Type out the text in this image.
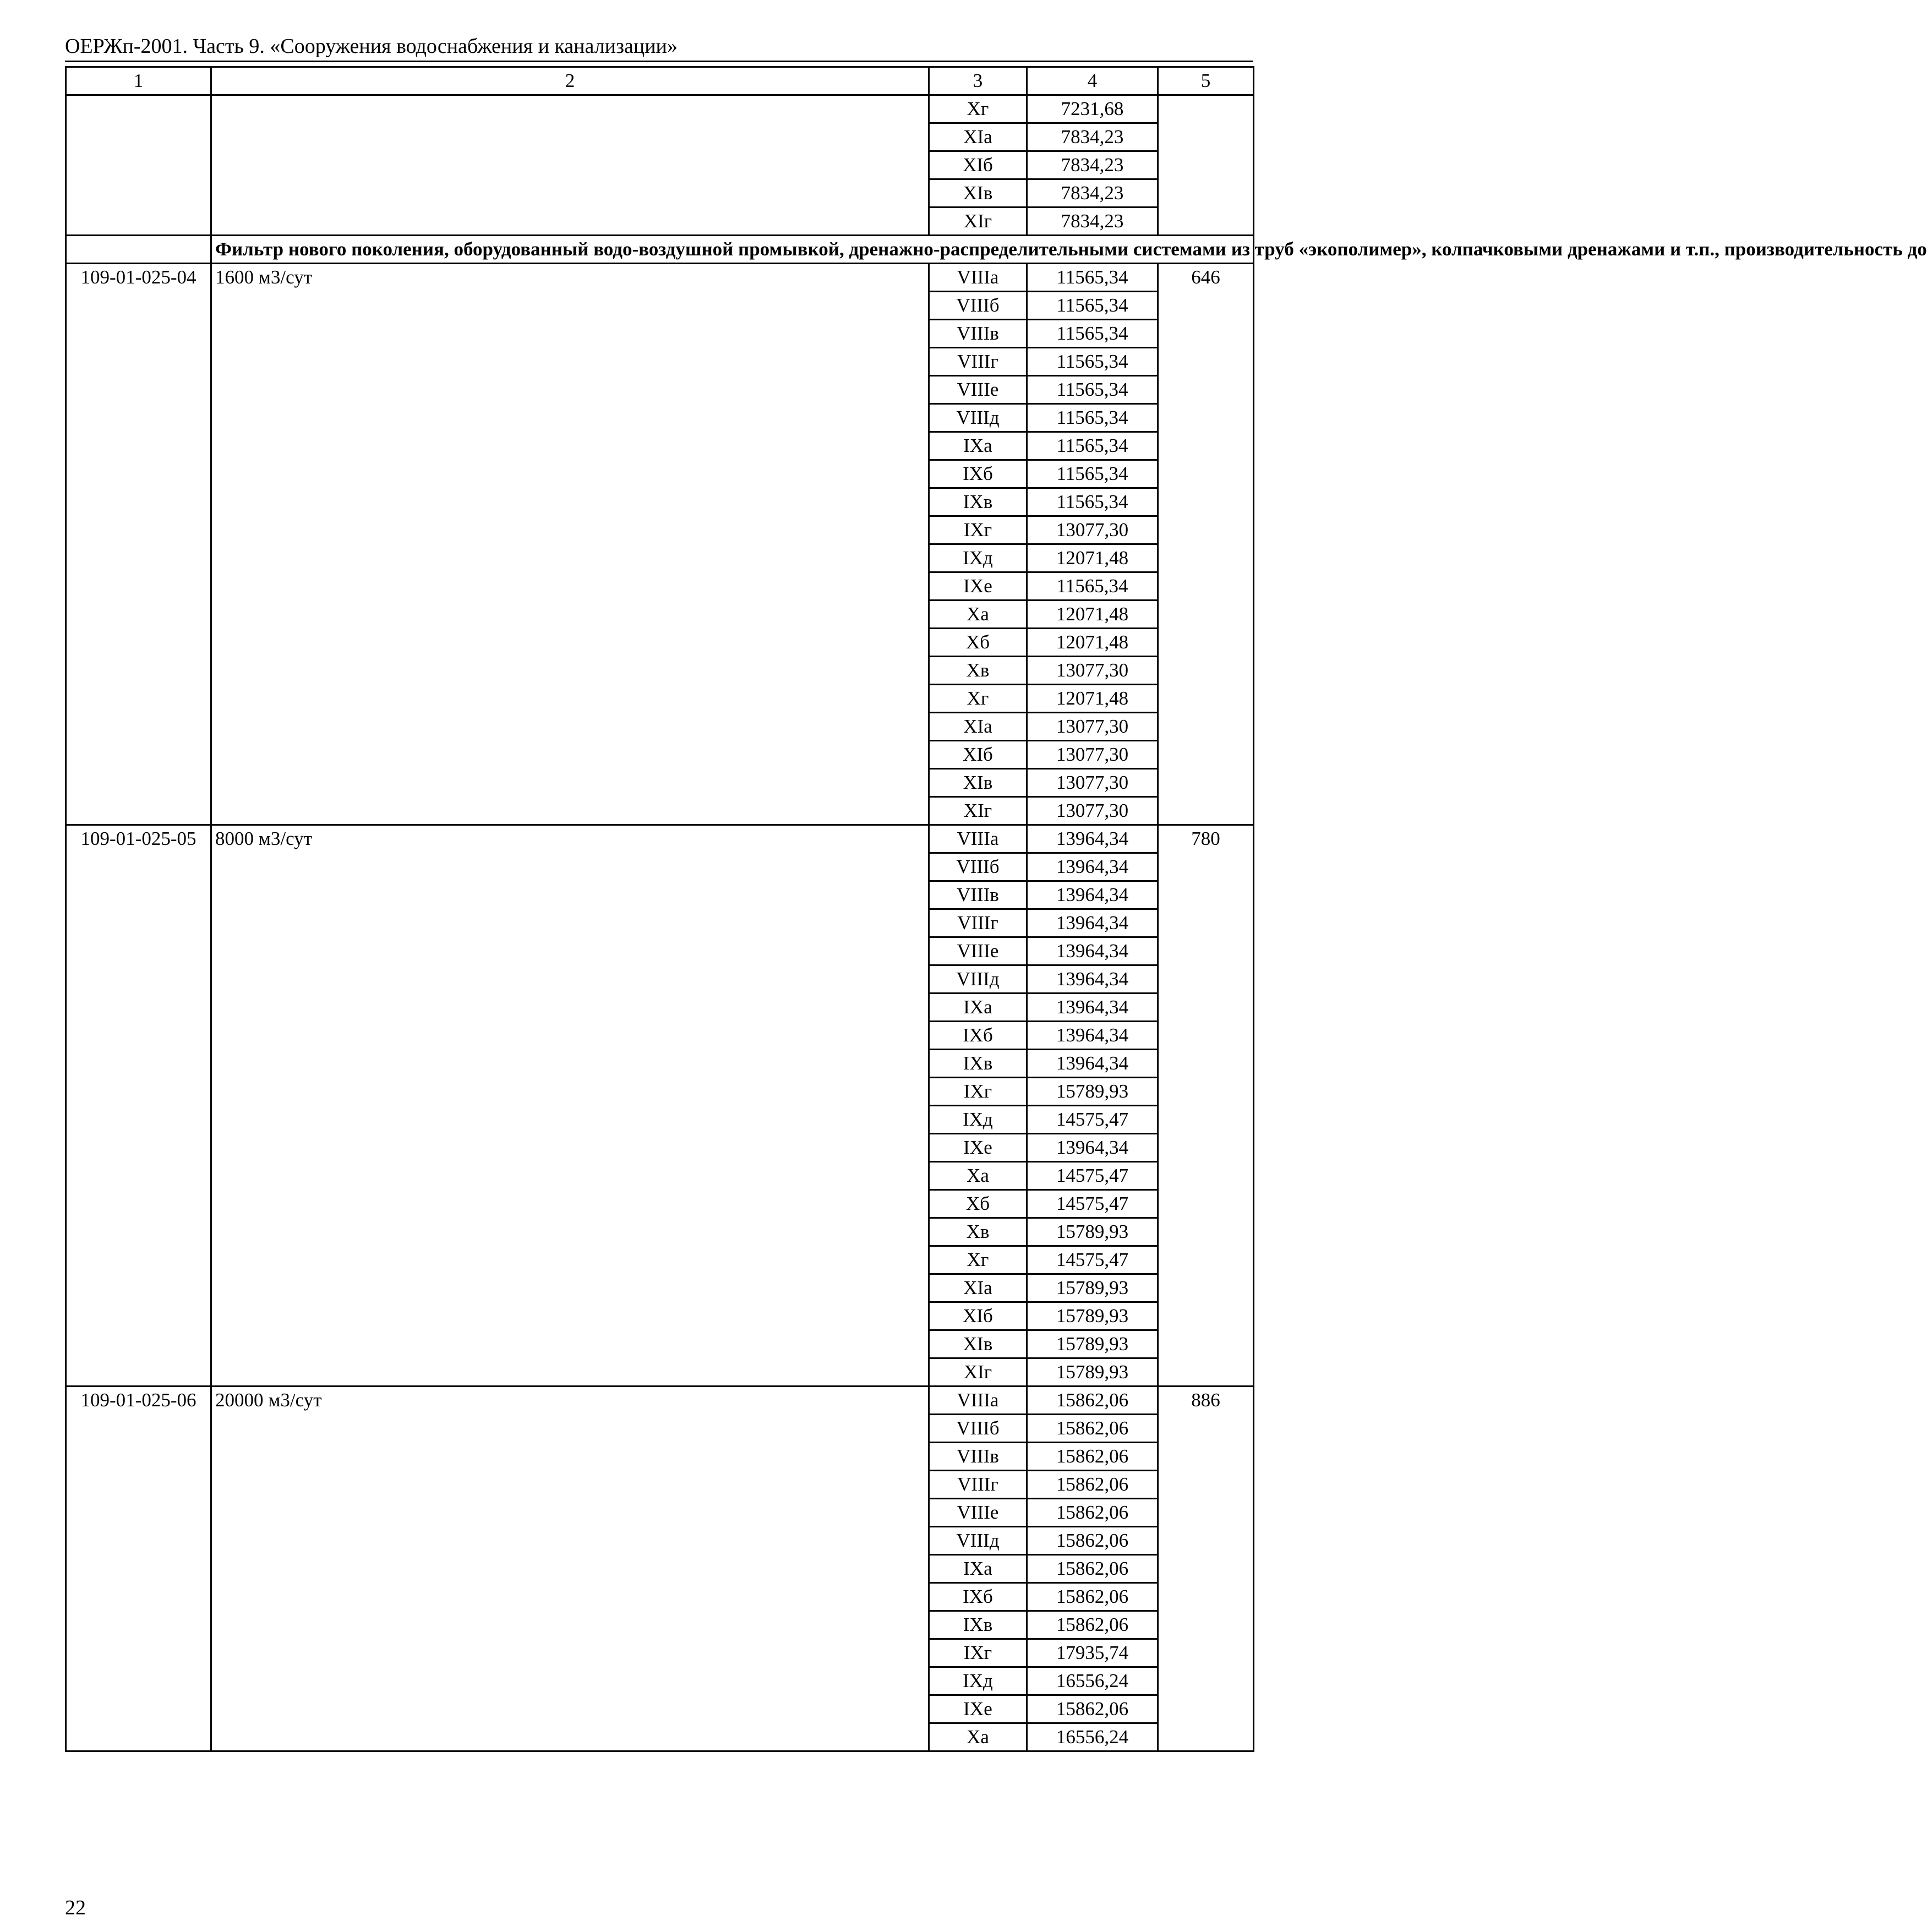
ОЕРЖп-2001. Часть 9. «Сооружения водоснабжения и канализации»
1	2	3	4	5
		Xг	7231,68	
		XIa	7834,23	
		XIб	7834,23	
		XIв	7834,23	
		XIг	7834,23	
	Фильтр нового поколения, оборудованный водо-воздушной промывкой, дренажно-распределительными системами из труб «экополимер», колпачковыми дренажами и т.п., производительность до			
109-01-025-04	1600 м3/сут	VIIIa	11565,34	646
		VIIIб	11565,34	
		VIIIв	11565,34	
		VIIIг	11565,34	
		VIIIe	11565,34	
		VIIIд	11565,34	
		IXa	11565,34	
		IXб	11565,34	
		IXв	11565,34	
		IXг	13077,30	
		IXд	12071,48	
		IXe	11565,34	
		Xa	12071,48	
		Xб	12071,48	
		Xв	13077,30	
		Xг	12071,48	
		XIa	13077,30	
		XIб	13077,30	
		XIв	13077,30	
		XIг	13077,30	
109-01-025-05	8000 м3/сут	VIIIa	13964,34	780
		VIIIб	13964,34	
		VIIIв	13964,34	
		VIIIг	13964,34	
		VIIIe	13964,34	
		VIIIд	13964,34	
		IXa	13964,34	
		IXб	13964,34	
		IXв	13964,34	
		IXг	15789,93	
		IXд	14575,47	
		IXe	13964,34	
		Xa	14575,47	
		Xб	14575,47	
		Xв	15789,93	
		Xг	14575,47	
		XIa	15789,93	
		XIб	15789,93	
		XIв	15789,93	
		XIг	15789,93	
109-01-025-06	20000 м3/сут	VIIIa	15862,06	886
		VIIIб	15862,06	
		VIIIв	15862,06	
		VIIIг	15862,06	
		VIIIe	15862,06	
		VIIIд	15862,06	
		IXa	15862,06	
		IXб	15862,06	
		IXв	15862,06	
		IXг	17935,74	
		IXд	16556,24	
		IXe	15862,06	
		Xa	16556,24	
22
